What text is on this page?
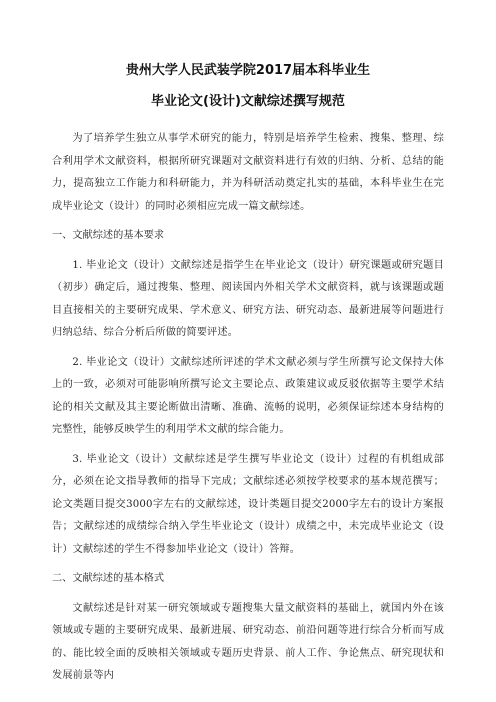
贵州大学人民武装学院2017届本科毕业生

毕业论文(设计)文献综述撰写规范

为了培养学生独立从事学术研究的能力，特别是培养学生检索、搜集、整理、综合利用学术文献资料，根据所研究课题对文献资料进行有效的归纳、分析、总结的能力，提高独立工作能力和科研能力，并为科研活动奠定扎实的基础，本科毕业生在完成毕业论文（设计）的同时必须相应完成一篇文献综述。

一、文献综述的基本要求

1. 毕业论文（设计）文献综述是指学生在毕业论文（设计）研究课题或研究题目（初步）确定后，通过搜集、整理、阅读国内外相关学术文献资料，就与该课题或题目直接相关的主要研究成果、学术意义、研究方法、研究动态、最新进展等问题进行归纳总结、综合分析后所做的简要评述。

2. 毕业论文（设计）文献综述所评述的学术文献必须与学生所撰写论文保持大体上的一致，必须对可能影响所撰写论文主要论点、政策建议或反驳依据等主要学术结论的相关文献及其主要论断做出清晰、准确、流畅的说明，必须保证综述本身结构的完整性，能够反映学生的利用学术文献的综合能力。

3. 毕业论文（设计）文献综述是学生撰写毕业论文（设计）过程的有机组成部分，必须在论文指导教师的指导下完成；文献综述必须按学校要求的基本规范撰写；论文类题目提交3000字左右的文献综述，设计类题目提交2000字左右的设计方案报告；文献综述的成绩综合纳入学生毕业论文（设计）成绩之中，未完成毕业论文（设计）文献综述的学生不得参加毕业论文（设计）答辩。

二、文献综述的基本格式

文献综述是针对某一研究领域或专题搜集大量文献资料的基础上，就国内外在该领域或专题的主要研究成果、最新进展、研究动态、前沿问题等进行综合分析而写成的、能比较全面的反映相关领域或专题历史背景、前人工作、争论焦点、研究现状和发展前景等内
